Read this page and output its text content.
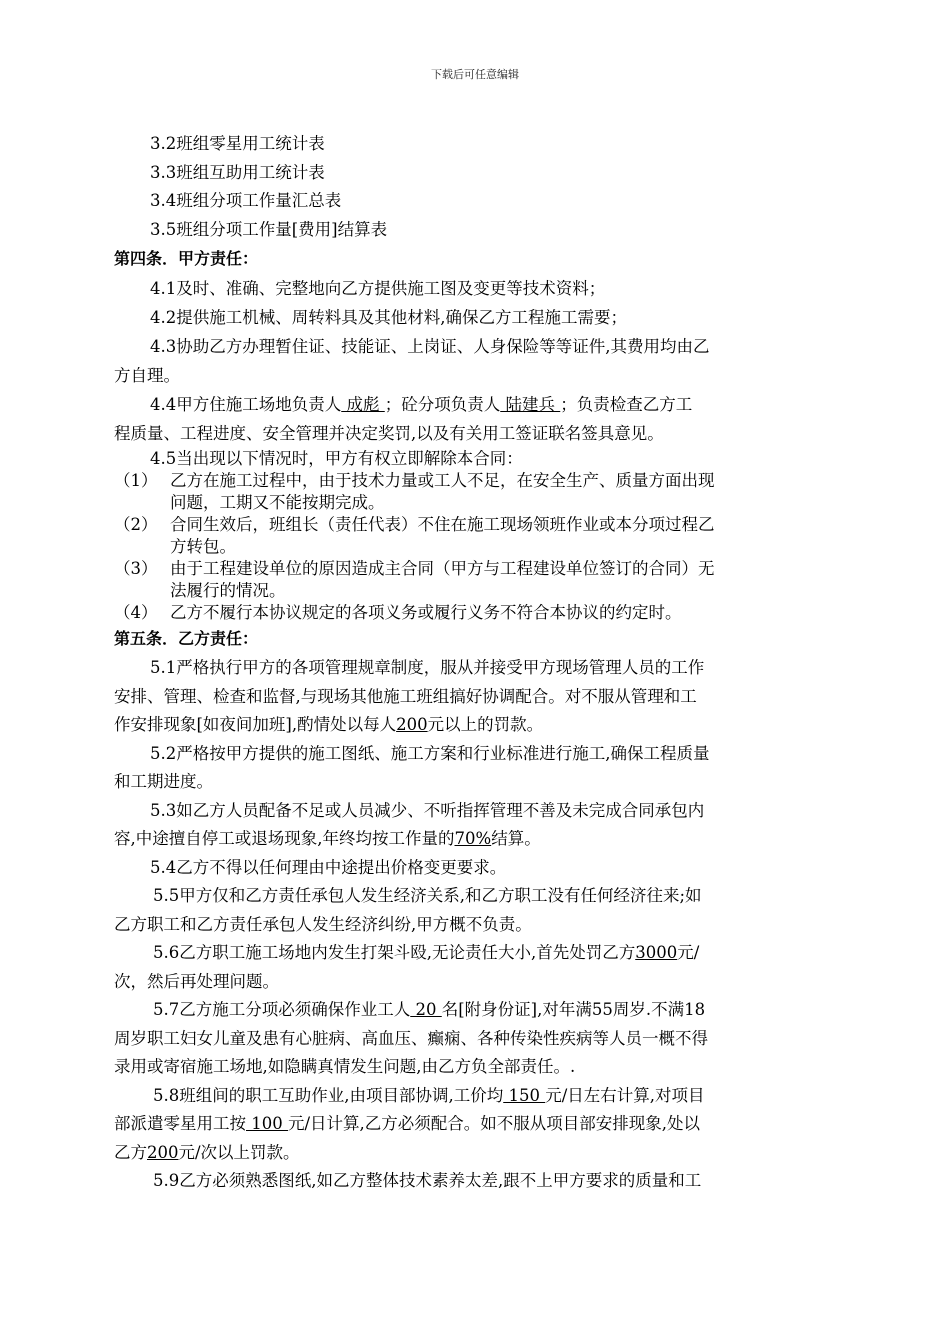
下载后可任意编辑
3.2班组零星用工统计表
3.3班组互助用工统计表
3.4班组分项工作量汇总表
3.5班组分项工作量[费用]结算表
第四条．甲方责任：
4.1及时、准确、完整地向乙方提供施工图及变更等技术资料；
4.2提供施工机械、周转料具及其他材料,确保乙方工程施工需要；
4.3协助乙方办理暂住证、技能证、上岗证、人身保险等等证件,其费用均由乙
方自理。
4.4甲方住施工场地负责人 成彪 ；砼分项负责人 陆建兵 ；负责检查乙方工
程质量、工程进度、安全管理并决定奖罚,以及有关用工签证联名签具意见。
4.5当出现以下情况时，甲方有权立即解除本合同：
（1） 乙方在施工过程中，由于技术力量或工人不足，在安全生产、质量方面出现
问题，工期又不能按期完成。
（2） 合同生效后，班组长（责任代表）不住在施工现场领班作业或本分项过程乙
方转包。
（3） 由于工程建设单位的原因造成主合同（甲方与工程建设单位签订的合同）无
法履行的情况。
（4） 乙方不履行本协议规定的各项义务或履行义务不符合本协议的约定时。
第五条．乙方责任：
5.1严格执行甲方的各项管理规章制度，服从并接受甲方现场管理人员的工作
安排、管理、检查和监督,与现场其他施工班组搞好协调配合。对不服从管理和工
作安排现象[如夜间加班],酌情处以每人200元以上的罚款。
5.2严格按甲方提供的施工图纸、施工方案和行业标准进行施工,确保工程质量
和工期进度。
5.3如乙方人员配备不足或人员减少、不听指挥管理不善及未完成合同承包内
容,中途擅自停工或退场现象,年终均按工作量的70%结算。
5.4乙方不得以任何理由中途提出价格变更要求。
5.5甲方仅和乙方责任承包人发生经济关系,和乙方职工没有任何经济往来;如
乙方职工和乙方责任承包人发生经济纠纷,甲方概不负责。
5.6乙方职工施工场地内发生打架斗殴,无论责任大小,首先处罚乙方3000元/
次，然后再处理问题。
5.7乙方施工分项必须确保作业工人 20 名[附身份证],对年满55周岁.不满18
周岁职工妇女儿童及患有心脏病、高血压、癫痫、各种传染性疾病等人员一概不得
录用或寄宿施工场地,如隐瞒真情发生问题,由乙方负全部责任。.
5.8班组间的职工互助作业,由项目部协调,工价均 150 元/日左右计算,对项目
部派遣零星用工按 100 元/日计算,乙方必须配合。如不服从项目部安排现象,处以
乙方200元/次以上罚款。
5.9乙方必须熟悉图纸,如乙方整体技术素养太差,跟不上甲方要求的质量和工
